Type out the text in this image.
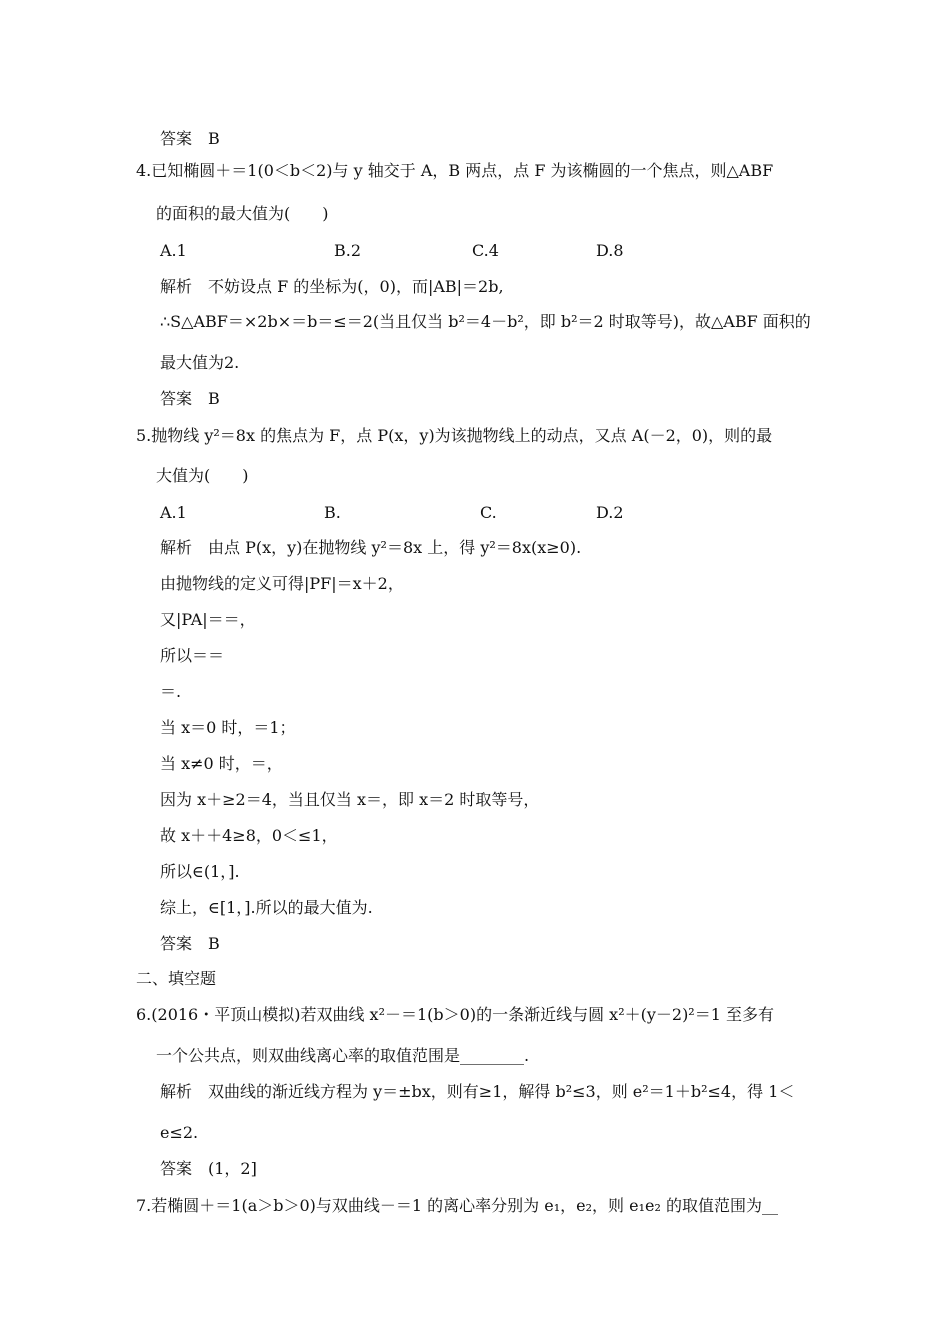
答案　B
4.已知椭圆＋＝1(0＜b＜2)与 y 轴交于 A，B 两点，点 F 为该椭圆的一个焦点，则△ABF
的面积的最大值为(　　)
A.1	B.2	C.4	D.8
解析　不妨设点 F 的坐标为(，0)，而|AB|＝2b,
∴S△ABF＝×2b×＝b＝≤＝2(当且仅当 b²＝4－b²，即 b²＝2 时取等号)，故△ABF 面积的
最大值为2.
答案　B
5.抛物线 y²＝8x 的焦点为 F，点 P(x，y)为该抛物线上的动点，又点 A(－2，0)，则的最
大值为(　　)
A.1	B.	C.	D.2
解析　由点 P(x，y)在抛物线 y²＝8x 上，得 y²＝8x(x≥0).
由抛物线的定义可得|PF|＝x＋2，
又|PA|＝＝，
所以＝＝
＝.
当 x＝0 时，＝1；
当 x≠0 时，＝，
因为 x＋≥2＝4，当且仅当 x＝，即 x＝2 时取等号，
故 x＋＋4≥8，0＜≤1，
所以∈(1，].
综上，∈[1，].所以的最大值为.
答案　B
二、填空题
6.(2016・平顶山模拟)若双曲线 x²－＝1(b＞0)的一条渐近线与圆 x²＋(y－2)²＝1 至多有
一个公共点，则双曲线离心率的取值范围是________.
解析　双曲线的渐近线方程为 y＝±bx，则有≥1，解得 b²≤3，则 e²＝1＋b²≤4，得 1＜
e≤2.
答案　(1，2]
7.若椭圆＋＝1(a＞b＞0)与双曲线－＝1 的离心率分别为 e₁，e₂，则 e₁e₂ 的取值范围为__
